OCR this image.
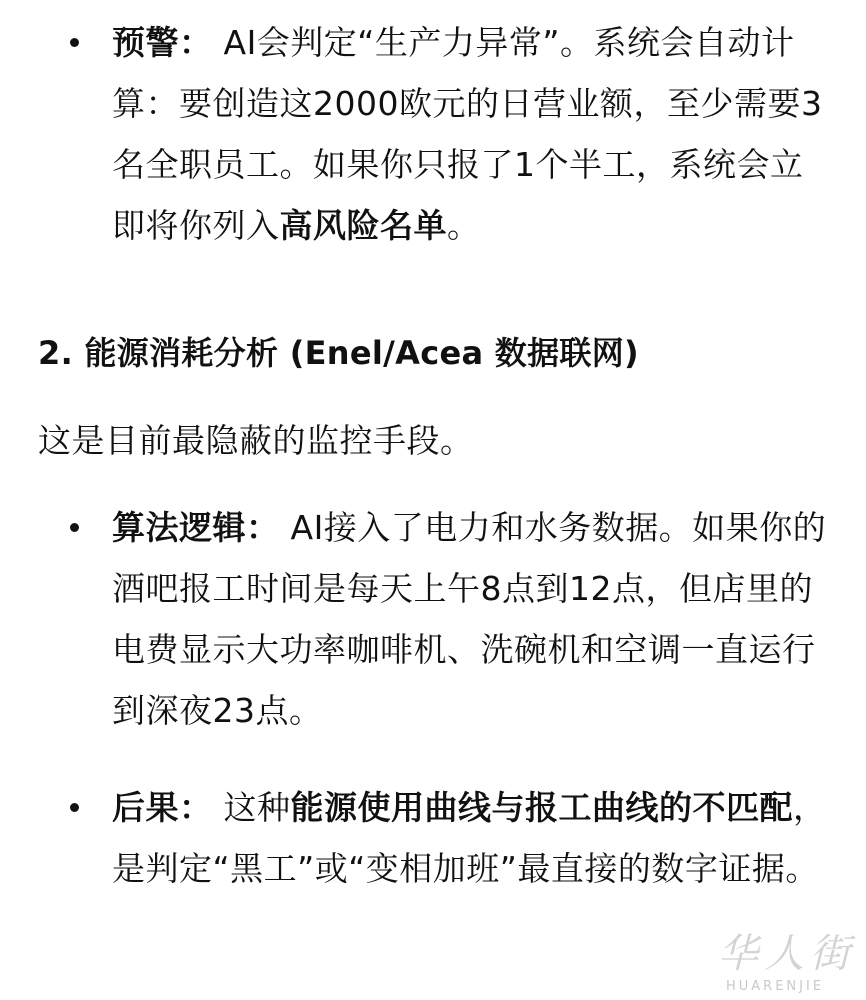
预警： AI会判定“生产力异常”。系统会自动计算：要创造这2000欧元的日营业额，至少需要3名全职员工。如果你只报了1个半工，系统会立即将你列入高风险名单。
2. 能源消耗分析 (Enel/Acea 数据联网)
这是目前最隐蔽的监控手段。
算法逻辑： AI接入了电力和水务数据。如果你的酒吧报工时间是每天上午8点到12点，但店里的电费显示大功率咖啡机、洗碗机和空调一直运行到深夜23点。
后果： 这种能源使用曲线与报工曲线的不匹配，是判定“黑工”或“变相加班”最直接的数字证据。
华人街
HUARENJIE
